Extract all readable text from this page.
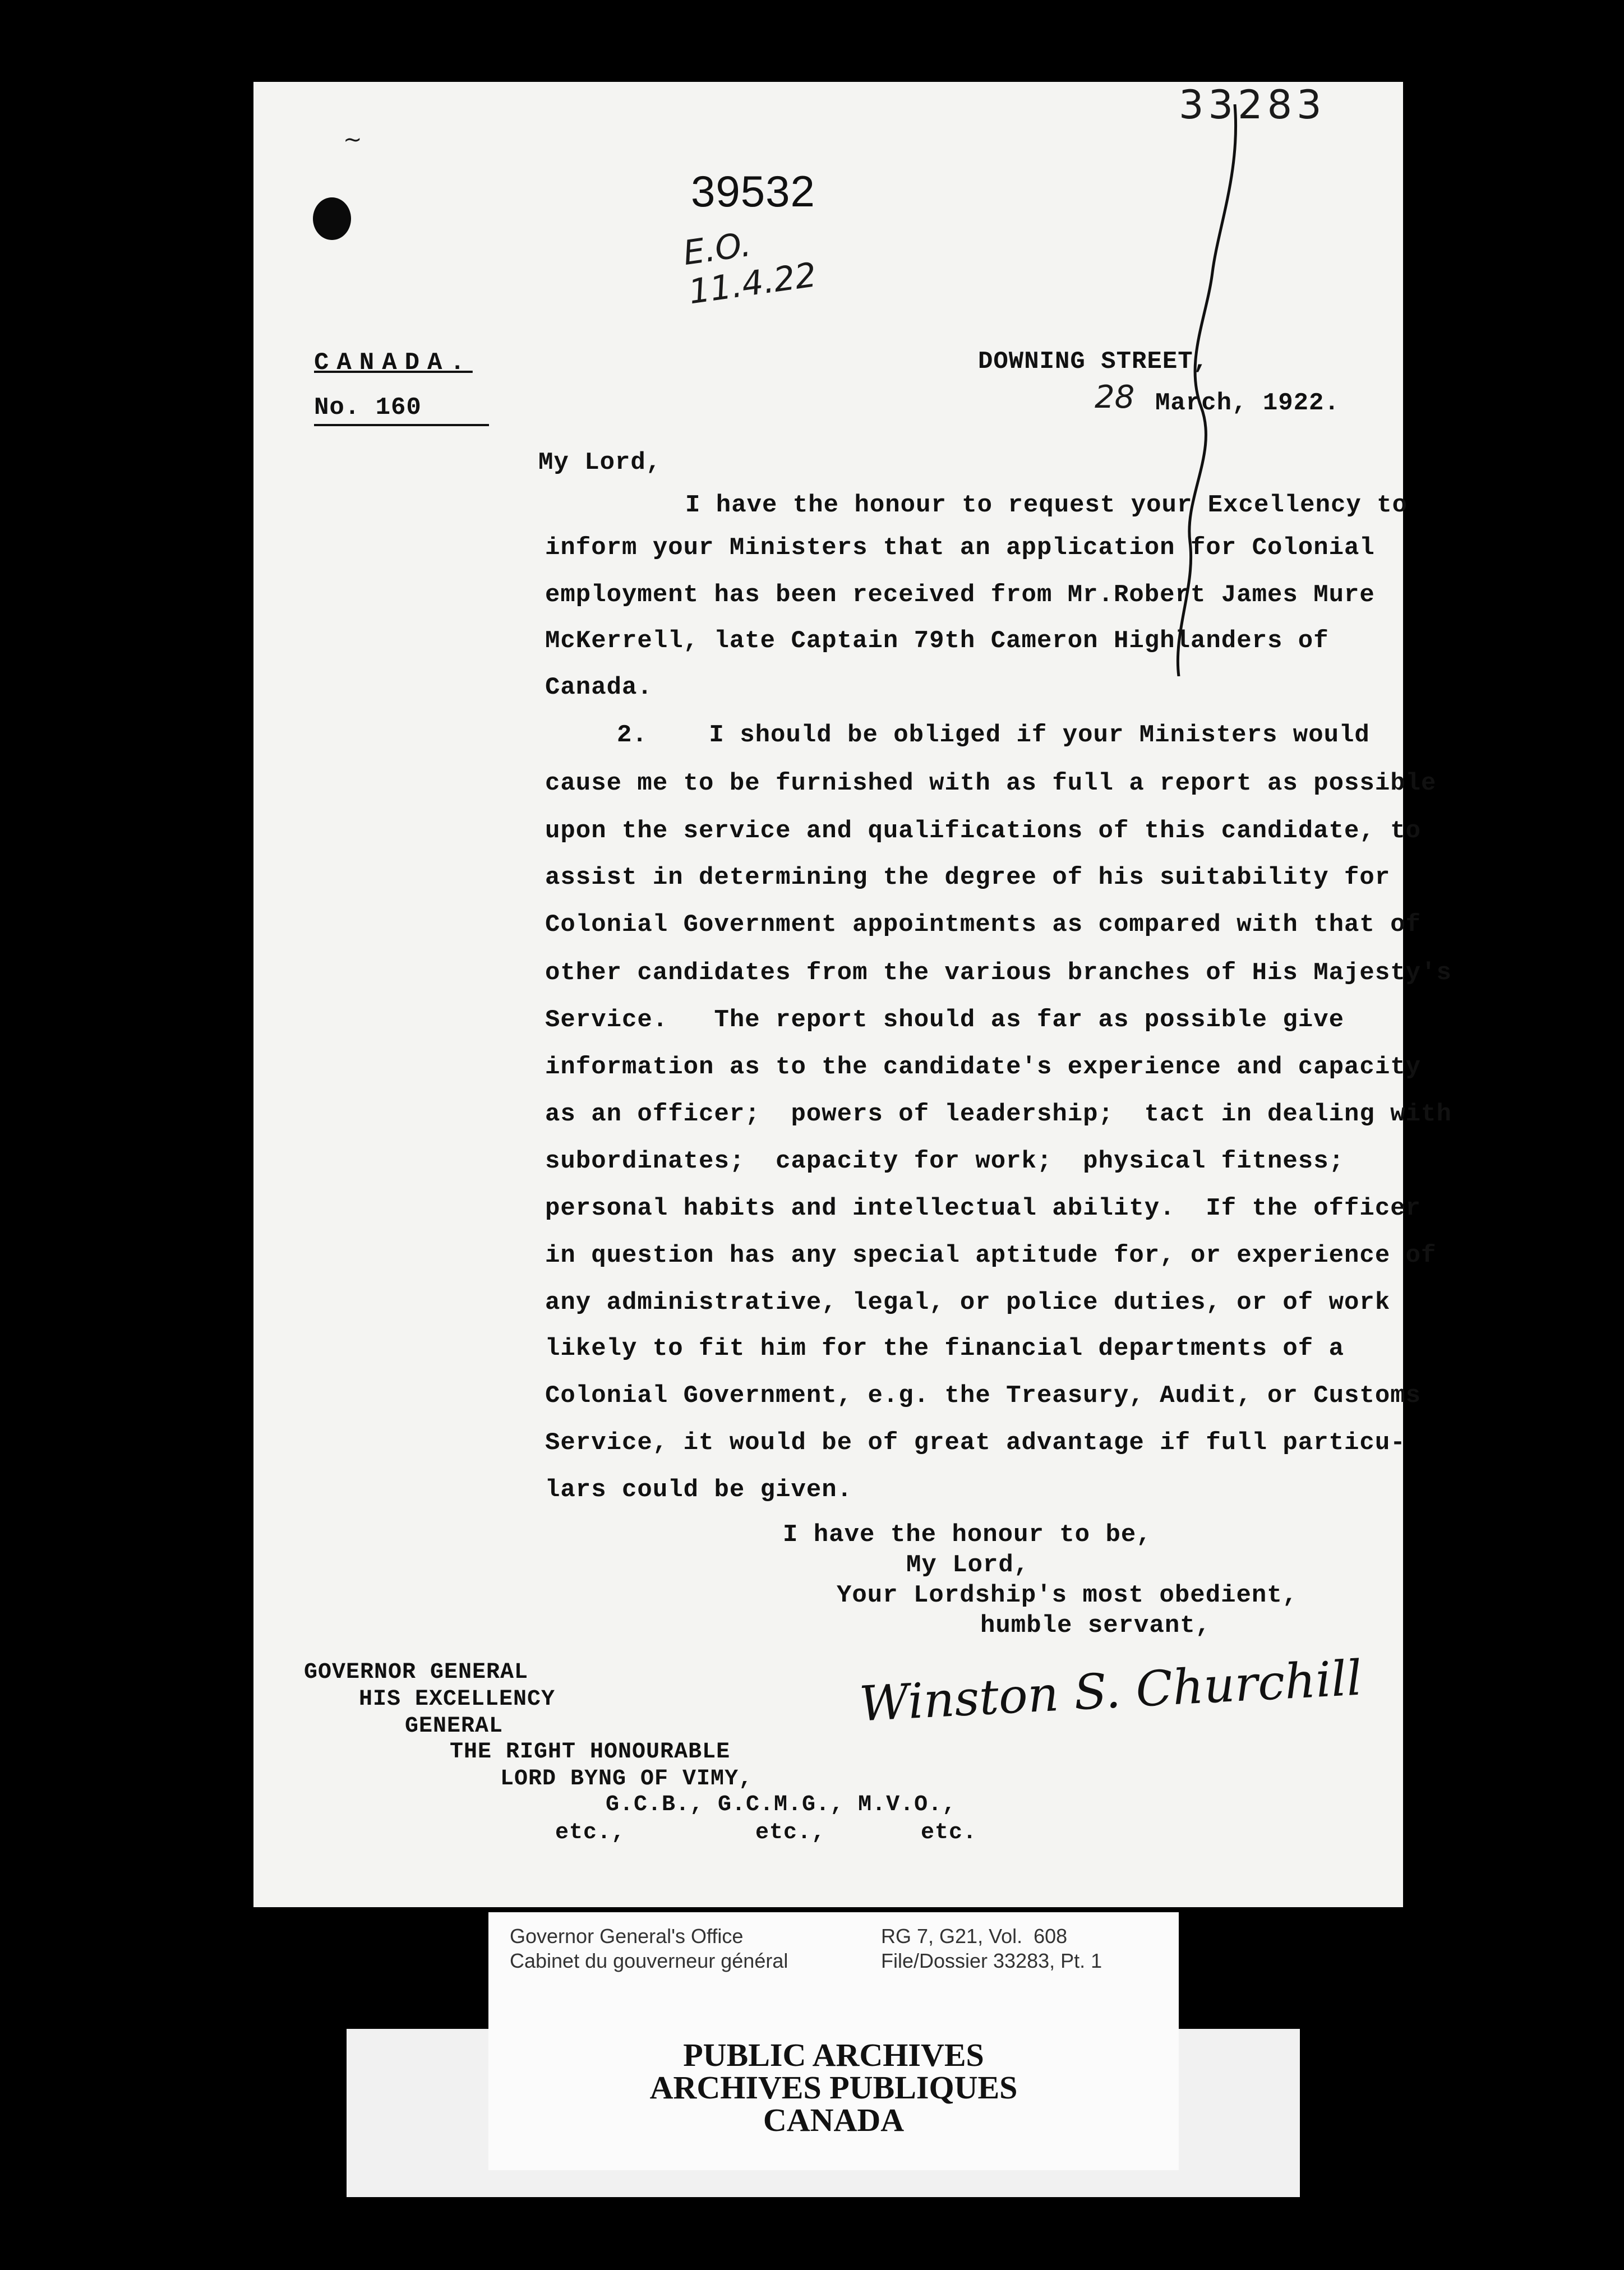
33283
~
39532
E.O. 11.4.22
CANADA.
No. 160
DOWNING STREET,
28 March, 1922.
My Lord,
I have the honour to request your Excellency to
inform your Ministers that an application for Colonial
employment has been received from Mr.Robert James Mure
McKerrell, late Captain 79th Cameron Highlanders of
Canada.
2.    I should be obliged if your Ministers would
cause me to be furnished with as full a report as possible
upon the service and qualifications of this candidate, to
assist in determining the degree of his suitability for
Colonial Government appointments as compared with that of
other candidates from the various branches of His Majesty's
Service.   The report should as far as possible give
information as to the candidate's experience and capacity
as an officer;  powers of leadership;  tact in dealing with
subordinates;  capacity for work;  physical fitness;
personal habits and intellectual ability.  If the officer
in question has any special aptitude for, or experience of
any administrative, legal, or police duties, or of work
likely to fit him for the financial departments of a
Colonial Government, e.g. the Treasury, Audit, or Customs
Service, it would be of great advantage if full particu-
lars could be given.
I have the honour to be,
My Lord,
Your Lordship's most obedient,
humble servant,
Winston S. Churchill
GOVERNOR GENERAL
HIS EXCELLENCY
GENERAL
THE RIGHT HONOURABLE
LORD BYNG OF VIMY,
G.C.B., G.C.M.G., M.V.O.,
etc.,	etc.,	etc.
Governor General's Office
Cabinet du gouverneur général
RG 7, G21, Vol.  608
File/Dossier 33283, Pt. 1
PUBLIC ARCHIVES
ARCHIVES PUBLIQUES
CANADA
